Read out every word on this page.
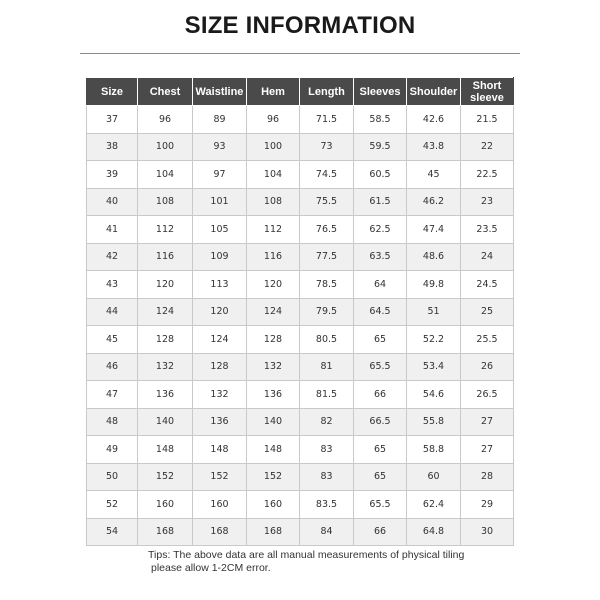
SIZE INFORMATION
Size	Chest	Waistline	Hem	Length	Sleeves	Shoulder	Short sleeve
37	96	89	96	71.5	58.5	42.6	21.5
38	100	93	100	73	59.5	43.8	22
39	104	97	104	74.5	60.5	45	22.5
40	108	101	108	75.5	61.5	46.2	23
41	112	105	112	76.5	62.5	47.4	23.5
42	116	109	116	77.5	63.5	48.6	24
43	120	113	120	78.5	64	49.8	24.5
44	124	120	124	79.5	64.5	51	25
45	128	124	128	80.5	65	52.2	25.5
46	132	128	132	81	65.5	53.4	26
47	136	132	136	81.5	66	54.6	26.5
48	140	136	140	82	66.5	55.8	27
49	148	148	148	83	65	58.8	27
50	152	152	152	83	65	60	28
52	160	160	160	83.5	65.5	62.4	29
54	168	168	168	84	66	64.8	30
Tips: The above data are all manual measurements of physical tiling
please allow 1-2CM error.
